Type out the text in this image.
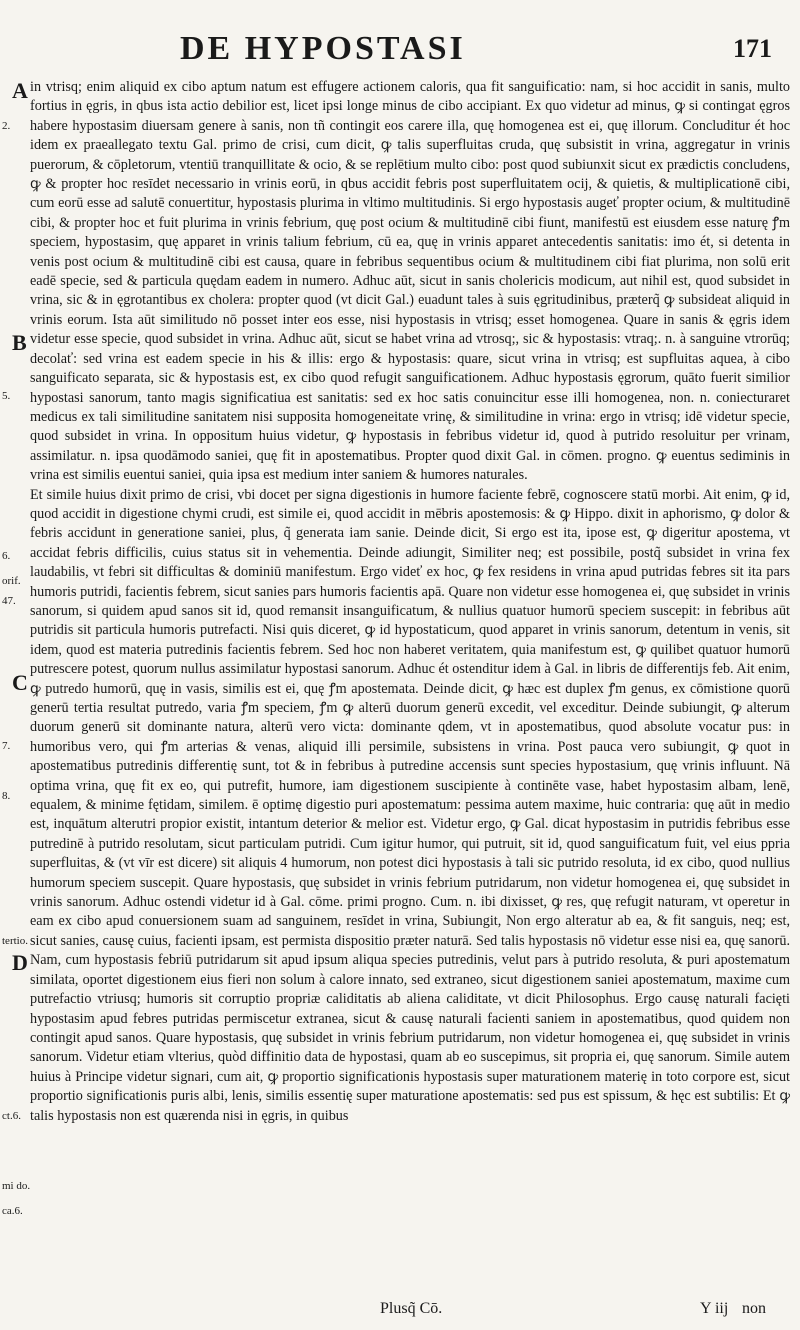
DE HYPOSTASI	171
A
B
C
D
2.
5.
6.
orif.
47.
7.
8.
tertio.
ct.6.
mi do.
ca.6.

in vtrisq; enim aliquid ex cibo aptum natum est effugere actionem caloris, qua fit sanguificatio: nam, si hoc accidit in sanis, multo fortius in ęgris, in qbus ista actio debilior est, licet ipsi longe minus de cibo accipiant. Ex quo videtur ad minus, ꝙ si contingat ęgros habere hypostasim diuersam genere à sanis, non tñ contingit eos carere illa, quę homogenea est ei, quę illorum. Concluditur ét hoc idem ex praeallegato textu Gal. primo de crisi, cum dicit, ꝙ talis superfluitas cruda, quę subsistit in vrina, aggregatur in vrinis puerorum, & cōpletorum, vtentiū tranquillitate & ocio, & se replētium multo cibo: post quod subiunxit sicut ex prædictis concludens, ꝙ & propter hoc resīdet necessario in vrinis eorū, in qbus accidit febris post superfluitatem ocij, & quietis, & multiplicationē cibi, cum eorū esse ad salutē conuertitur, hypostasis plurima in vltimo multitudinis. Si ergo hypostasis augeť propter ocium, & multitudinē cibi, & propter hoc et fuit plurima in vrinis febrium, quę post ocium & multitudinē cibi fiunt, manifestū est eiusdem esse naturę ꝭm speciem, hypostasim, quę apparet in vrinis talium febrium, cū ea, quę in vrinis apparet antecedentis sanitatis: imo ét, si detenta in venis post ocium & multitudinē cibi est causa, quare in febribus sequentibus ocium & multitudinem cibi fiat plurima, non solū erit eadē specie, sed & particula quędam eadem in numero. Adhuc aūt, sicut in sanis cholericis modicum, aut nihil est, quod subsidet in vrina, sic & in ęgrotantibus ex cholera: propter quod (vt dicit Gal.) euadunt tales à suis ęgritudinibus, præterq̃ ꝙ subsideat aliquid in vrinis eorum. Ista aūt similitudo nō posset inter eos esse, nisi hypostasis in vtrisq; esset homogenea. Quare in sanis & ęgris idem videtur esse specie, quod subsidet in vrina. Adhuc aūt, sicut se habet vrina ad vtrosq;, sic & hypostasis: vtraq;. n. à sanguine vtrorūq; decolať: sed vrina est eadem specie in his & illis: ergo & hypostasis: quare, sicut vrina in vtrisq; est supfluitas aquea, à cibo sanguificato separata, sic & hypostasis est, ex cibo quod refugit sanguificationem. Adhuc hypostasis ęgrorum, quāto fuerit similior hypostasi sanorum, tanto magis significatiua est sanitatis: sed ex hoc satis conuincitur esse illi homogenea, non. n. coniecturaret medicus ex tali similitudine sanitatem nisi supposita homogeneitate vrinę, & similitudine in vrina: ergo in vtrisq; idē videtur specie, quod subsidet in vrina. In oppositum huius videtur, ꝙ hypostasis in febribus videtur id, quod à putrido resoluitur per vrinam, assimilatur. n. ipsa quodāmodo saniei, quę fit in apostematibus. Propter quod dixit Gal. in cōmen. progno. ꝙ euentus sediminis in vrina est similis euentui saniei, quia ipsa est medium inter saniem & humores naturales.

Et simile huius dixit primo de crisi, vbi docet per signa digestionis in humore faciente febrē, cognoscere statū morbi. Ait enim, ꝙ id, quod accidit in digestione chymi crudi, est simile ei, quod accidit in mēbris apostemosis: & ꝙ Hippo. dixit in aphorismo, ꝙ dolor & febris accidunt in generatione saniei, plus, q̃ generata iam sanie. Deinde dicit, Si ergo est ita, ipose est, ꝙ digeritur apostema, vt accidat febris difficilis, cuius status sit in vehementia. Deinde adiungit, Similiter neq; est possibile, postq̃ subsidet in vrina fex laudabilis, vt febri sit difficultas & dominiū manifestum. Ergo videť ex hoc, ꝙ fex residens in vrina apud putridas febres sit ita pars humoris putridi, facientis febrem, sicut sanies pars humoris facientis apā. Quare non videtur esse homogenea ei, quę subsidet in vrinis sanorum, si quidem apud sanos sit id, quod remansit insanguificatum, & nullius quatuor humorū speciem suscepit: in febribus aūt putridis sit particula humoris putrefacti. Nisi quis diceret, ꝙ id hypostaticum, quod apparet in vrinis sanorum, detentum in venis, sit idem, quod est materia putredinis facientis febrem. Sed hoc non haberet veritatem, quia manifestum est, ꝙ quilibet quatuor humorū putrescere potest, quorum nullus assimilatur hypostasi sanorum. Adhuc ét ostenditur idem à Gal. in libris de differentijs feb. Ait enim, ꝙ putredo humorū, quę in vasis, similis est ei, quę ꝭm apostemata. Deinde dicit, ꝙ hæc est duplex ꝭm genus, ex cōmistione quorū generū tertia resultat putredo, varia ꝭm speciem, ꝭm ꝙ alterū duorum generū excedit, vel exceditur. Deinde subiungit, ꝙ alterum duorum generū sit dominante natura, alterū vero victa: dominante qdem, vt in apostematibus, quod absolute vocatur pus: in humoribus vero, qui ꝭm arterias & venas, aliquid illi persimile, subsistens in vrina. Post pauca vero subiungit, ꝙ quot in apostematibus putredinis differentię sunt, tot & in febribus à putredine accensis sunt species hypostasium, quę vrinis influunt. Nā optima vrina, quę fit ex eo, qui putrefit, humore, iam digestionem suscipiente à continēte vase, habet hypostasim albam, lenē, equalem, & minime fętidam, similem. ē optimę digestio puri apostematum: pessima autem maxime, huic contraria: quę aūt in medio est, inquātum alterutri propior existit, intantum deterior & melior est. Videtur ergo, ꝙ Gal. dicat hypostasim in putridis febribus esse putredinē à putrido resolutam, sicut particulam putridi. Cum igitur humor, qui putruit, sit id, quod sanguificatum fuit, vel eius ppria superfluitas, & (vt vīr est dicere) sit aliquis 4 humorum, non potest dici hypostasis à tali sic putrido resoluta, id ex cibo, quod nullius humorum speciem suscepit. Quare hypostasis, quę subsidet in vrinis febrium putridarum, non videtur homogenea ei, quę subsidet in vrinis sanorum. Adhuc ostendi videtur id à Gal. cōme. primi progno. Cum. n. ibi dixisset, ꝙ res, quę refugit naturam, vt operetur in eam ex cibo apud conuersionem suam ad sanguinem, resīdet in vrina, Subiungit, Non ergo alteratur ab ea, & fit sanguis, neq; est, sicut sanies, causę cuius, facienti ipsam, est permista dispositio præter naturā. Sed talis hypostasis nō videtur esse nisi ea, quę sanorū. Nam, cum hypostasis febriū putridarum sit apud ipsum aliqua species putredinis, velut pars à putrido resoluta, & puri apostematum similata, oportet digestionem eius fieri non solum à calore innato, sed extraneo, sicut digestionem saniei apostematum, maxime cum putrefactio vtriusq; humoris sit corruptio propriæ caliditatis ab aliena caliditate, vt dicit Philosophus. Ergo causę naturali facięti hypostasim apud febres putridas permiscetur extranea, sicut & causę naturali facienti saniem in apostematibus, quod quidem non contingit apud sanos. Quare hypostasis, quę subsidet in vrinis febrium putridarum, non videtur homogenea ei, quę subsidet in vrinis sanorum. Videtur etiam vlterius, quòd diffinitio data de hypostasi, quam ab eo suscepimus, sit propria ei, quę sanorum. Simile autem huius à Principe videtur signari, cum ait, ꝙ proportio significationis hypostasis super maturationem materię in toto corpore est, sicut proportio significationis puris albi, lenis, similis essentię super maturatione apostematis: sed pus est spissum, & hęc est subtilis: Et ꝙ talis hypostasis non est quærenda nisi in ęgris, in quibus

Plusq̃ Cō.	Y iij non
